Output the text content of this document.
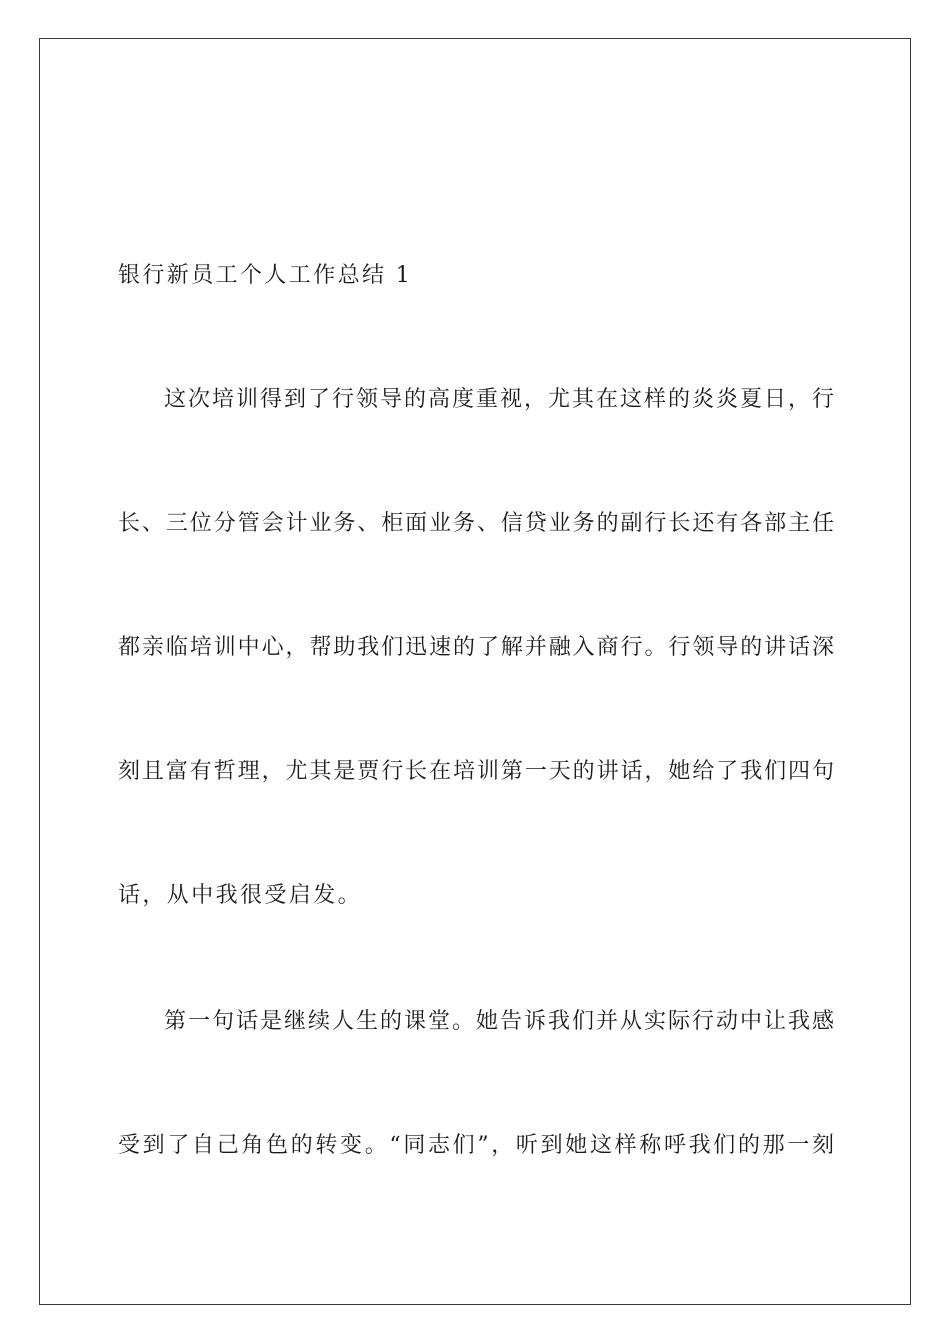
银行新员工个人工作总结 1
这次培训得到了行领导的高度重视，尤其在这样的炎炎夏日，行
长、三位分管会计业务、柜面业务、信贷业务的副行长还有各部主任
都亲临培训中心，帮助我们迅速的了解并融入商行。行领导的讲话深
刻且富有哲理，尤其是贾行长在培训第一天的讲话，她给了我们四句
话，从中我很受启发。
第一句话是继续人生的课堂。她告诉我们并从实际行动中让我感
受到了自己角色的转变。“同志们”，听到她这样称呼我们的那一刻
